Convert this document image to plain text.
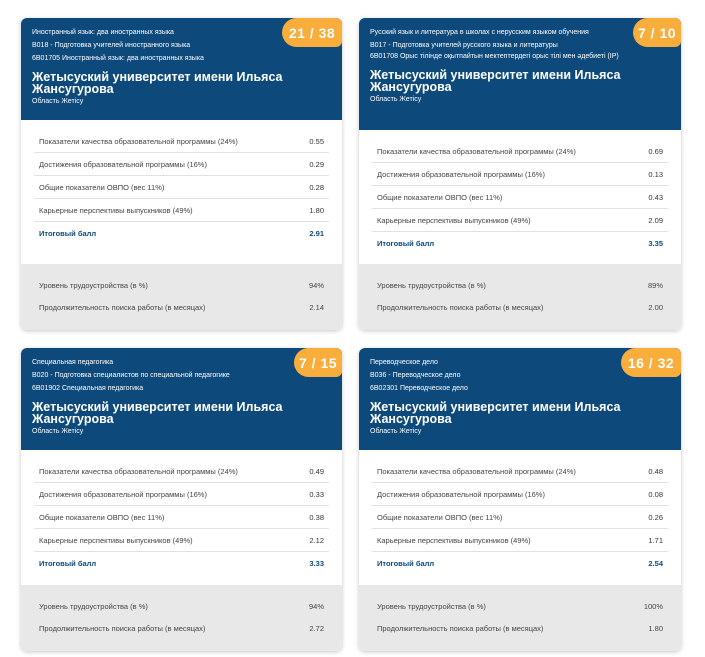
Иностранный язык: два иностранных языка
B018 - Подготовка учителей иностранного языка
6B01705 Иностранный язык: два иностранных языка
Жетысуский университет имени Ильяса Жансугурова
Область Жетісу
21 / 38
Показатели качества образовательной программы (24%)	0.55
Достижения образовательной программы (16%)	0.29
Общие показатели ОВПО (вес 11%)	0.28
Карьерные перспективы выпускников (49%)	1.80
Итоговый балл	2.91
Уровень трудоустройства (в %)	94%
Продолжительность поиска работы (в месяцах)	2.14
Русский язык и литература в школах с нерусским языком обучения
B017 - Подготовка учителей русского языка и литературы
6B01708 Орыс тілінде оқытпайтын мектептердегі орыс тілі мен әдебиеті (IP)
Жетысуский университет имени Ильяса Жансугурова
Область Жетісу
7 / 10
Показатели качества образовательной программы (24%)	0.69
Достижения образовательной программы (16%)	0.13
Общие показатели ОВПО (вес 11%)	0.43
Карьерные перспективы выпускников (49%)	2.09
Итоговый балл	3.35
Уровень трудоустройства (в %)	89%
Продолжительность поиска работы (в месяцах)	2.00
Специальная педагогика
B020 - Подготовка специалистов по специальной педагогике
6B01902 Специальная педагогика
Жетысуский университет имени Ильяса Жансугурова
Область Жетісу
7 / 15
Показатели качества образовательной программы (24%)	0.49
Достижения образовательной программы (16%)	0.33
Общие показатели ОВПО (вес 11%)	0.38
Карьерные перспективы выпускников (49%)	2.12
Итоговый балл	3.33
Уровень трудоустройства (в %)	94%
Продолжительность поиска работы (в месяцах)	2.72
Переводческое дело
B036 - Переводческое дело
6B02301 Переводческое дело
Жетысуский университет имени Ильяса Жансугурова
Область Жетісу
16 / 32
Показатели качества образовательной программы (24%)	0.48
Достижения образовательной программы (16%)	0.08
Общие показатели ОВПО (вес 11%)	0.26
Карьерные перспективы выпускников (49%)	1.71
Итоговый балл	2.54
Уровень трудоустройства (в %)	100%
Продолжительность поиска работы (в месяцах)	1.80
